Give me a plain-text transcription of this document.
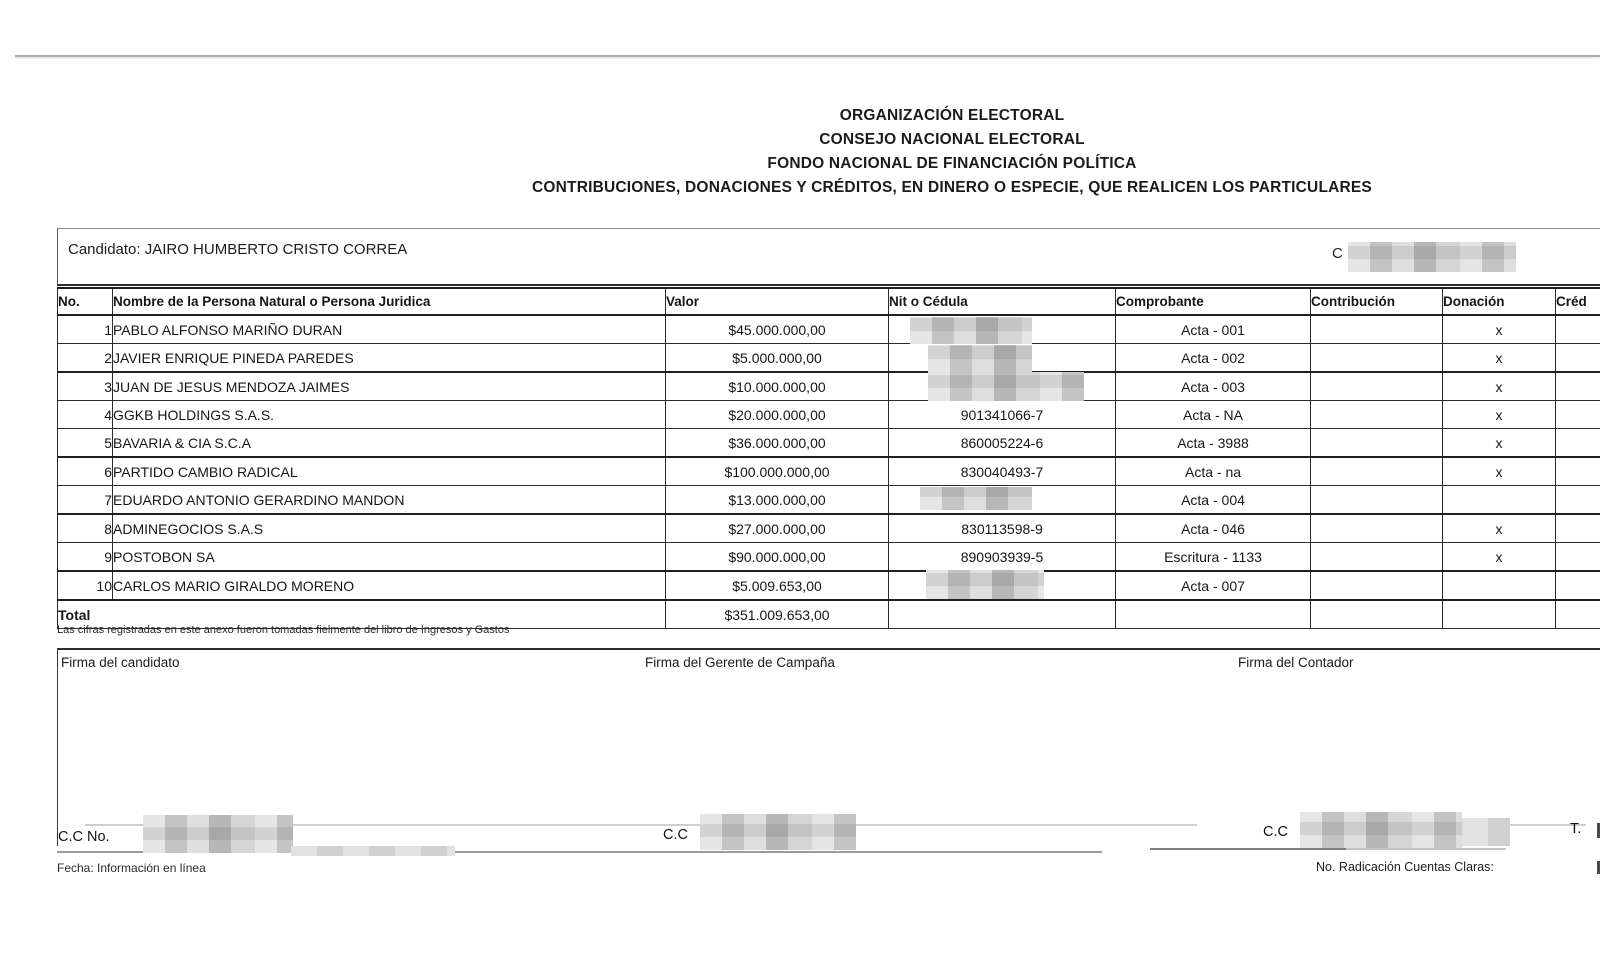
ORGANIZACIÓN ELECTORAL
CONSEJO NACIONAL ELECTORAL
FONDO NACIONAL DE FINANCIACIÓN POLÍTICA
CONTRIBUCIONES, DONACIONES Y CRÉDITOS, EN DINERO O ESPECIE, QUE REALICEN LOS PARTICULARES
Candidato: JAIRO HUMBERTO CRISTO CORREA	C
No.	Nombre de la Persona Natural o Persona Juridica	Valor	Nit o Cédula	Comprobante	Contribución	Donación	Créd
1	PABLO ALFONSO MARIÑO DURAN	$45.000.000,00		Acta - 001		x	
2	JAVIER ENRIQUE PINEDA PAREDES	$5.000.000,00		Acta - 002		x	
3	JUAN DE JESUS MENDOZA JAIMES	$10.000.000,00		Acta - 003		x	
4	GGKB HOLDINGS S.A.S.	$20.000.000,00	901341066-7	Acta - NA		x	
5	BAVARIA & CIA S.C.A	$36.000.000,00	860005224-6	Acta - 3988		x	
6	PARTIDO CAMBIO RADICAL	$100.000.000,00	830040493-7	Acta - na		x	
7	EDUARDO ANTONIO GERARDINO MANDON	$13.000.000,00		Acta - 004			
8	ADMINEGOCIOS S.A.S	$27.000.000,00	830113598-9	Acta - 046		x	
9	POSTOBON SA	$90.000.000,00	890903939-5	Escritura - 1133		x	
10	CARLOS MARIO GIRALDO MORENO	$5.009.653,00		Acta - 007			
Total		$351.009.653,00					
Las cifras registradas en este anexo fueron tomadas fielmente del libro de Ingresos y Gastos
Firma del candidato	Firma del Gerente de Campaña	Firma del Contador
C.C No.	C.C	C.C	T.
Fecha: Información en línea	No. Radicación Cuentas Claras:
